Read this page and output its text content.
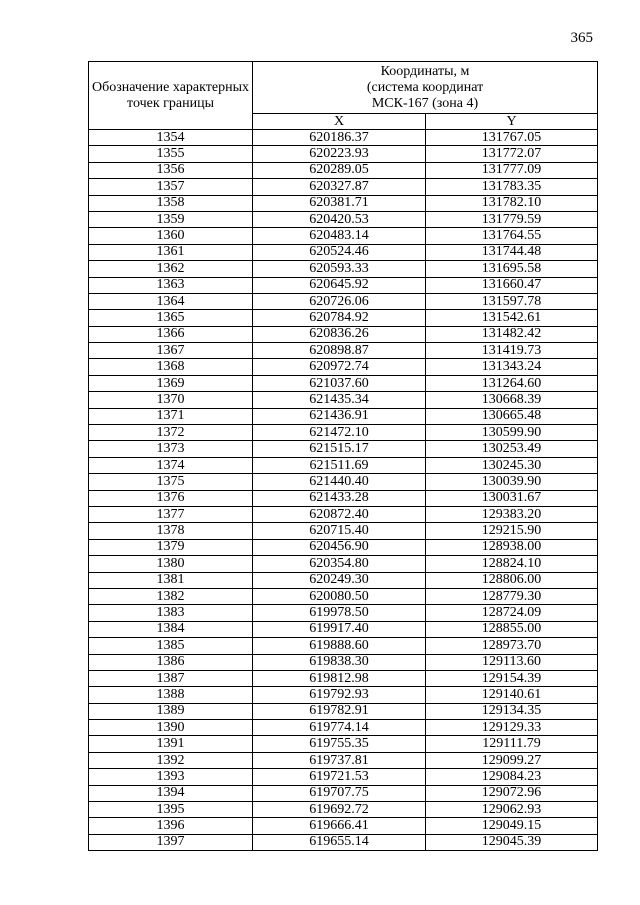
365
Обозначение характерных точек границы	Координаты, м
(система координат
МСК-167 (зона 4)	

	X	Y
1354	620186.37	131767.05
1355	620223.93	131772.07
1356	620289.05	131777.09
1357	620327.87	131783.35
1358	620381.71	131782.10
1359	620420.53	131779.59
1360	620483.14	131764.55
1361	620524.46	131744.48
1362	620593.33	131695.58
1363	620645.92	131660.47
1364	620726.06	131597.78
1365	620784.92	131542.61
1366	620836.26	131482.42
1367	620898.87	131419.73
1368	620972.74	131343.24
1369	621037.60	131264.60
1370	621435.34	130668.39
1371	621436.91	130665.48
1372	621472.10	130599.90
1373	621515.17	130253.49
1374	621511.69	130245.30
1375	621440.40	130039.90
1376	621433.28	130031.67
1377	620872.40	129383.20
1378	620715.40	129215.90
1379	620456.90	128938.00
1380	620354.80	128824.10
1381	620249.30	128806.00
1382	620080.50	128779.30
1383	619978.50	128724.09
1384	619917.40	128855.00
1385	619888.60	128973.70
1386	619838.30	129113.60
1387	619812.98	129154.39
1388	619792.93	129140.61
1389	619782.91	129134.35
1390	619774.14	129129.33
1391	619755.35	129111.79
1392	619737.81	129099.27
1393	619721.53	129084.23
1394	619707.75	129072.96
1395	619692.72	129062.93
1396	619666.41	129049.15
1397	619655.14	129045.39
